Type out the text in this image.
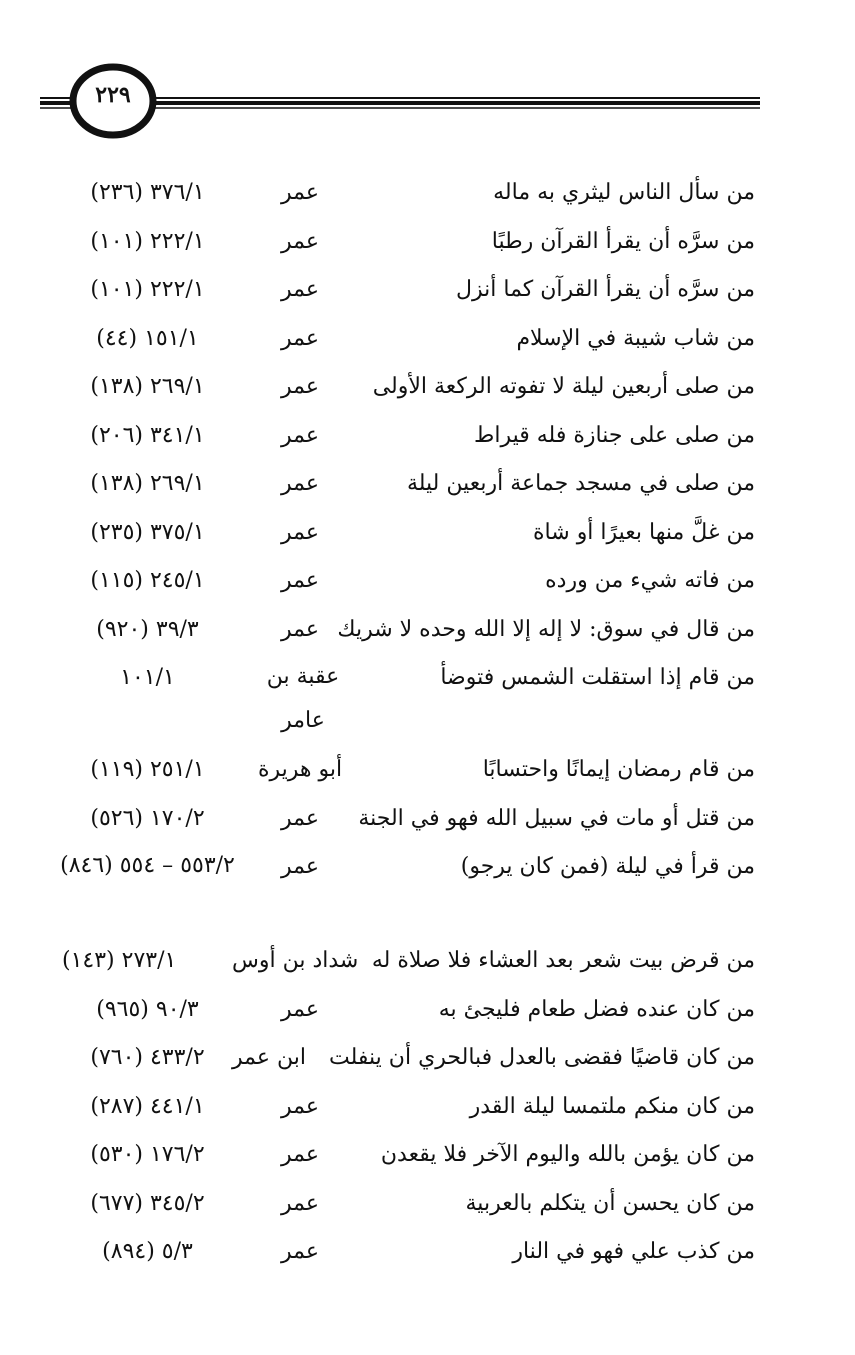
٢٢٩
من سأل الناس ليثري به ماله
عمر
٣٧٦/١ (٢٣٦)
من سرَّه أن يقرأ القرآن رطبًا
عمر
٢٢٢/١ (١٠١)
من سرَّه أن يقرأ القرآن كما أنزل
عمر
٢٢٢/١ (١٠١)
من شاب شيبة في الإسلام
عمر
١٥١/١ (٤٤)
من صلى أربعين ليلة لا تفوته الركعة الأولى
عمر
٢٦٩/١ (١٣٨)
من صلى على جنازة فله قيراط
عمر
٣٤١/١ (٢٠٦)
من صلى في مسجد جماعة أربعين ليلة
عمر
٢٦٩/١ (١٣٨)
من غلَّ منها بعيرًا أو شاة
عمر
٣٧٥/١ (٢٣٥)
من فاته شيء من ورده
عمر
٢٤٥/١ (١١٥)
من قال في سوق: لا إله إلا الله وحده لا شريك
عمر
٣٩/٣ (٩٢٠)
من قام إذا استقلت الشمس فتوضأ
عقبة بن عامر
١٠١/١
من قام رمضان إيمانًا واحتسابًا
أبو هريرة
٢٥١/١ (١١٩)
من قتل أو مات في سبيل الله فهو في الجنة
عمر
١٧٠/٢ (٥٢٦)
من قرأ في ليلة (فمن كان يرجو)
عمر
٥٥٣/٢ – ٥٥٤ (٨٤٦)
من قرض بيت شعر بعد العشاء فلا صلاة له
شداد بن أوس
٢٧٣/١ (١٤٣)
من كان عنده فضل طعام فليجئ به
عمر
٩٠/٣ (٩٦٥)
من كان قاضيًا فقضى بالعدل فبالحري أن ينفلت
ابن عمر
٤٣٣/٢ (٧٦٠)
من كان منكم ملتمسا ليلة القدر
عمر
٤٤١/١ (٢٨٧)
من كان يؤمن بالله واليوم الآخر فلا يقعدن
عمر
١٧٦/٢ (٥٣٠)
من كان يحسن أن يتكلم بالعربية
عمر
٣٤٥/٢ (٦٧٧)
من كذب علي فهو في النار
عمر
٥/٣ (٨٩٤)
